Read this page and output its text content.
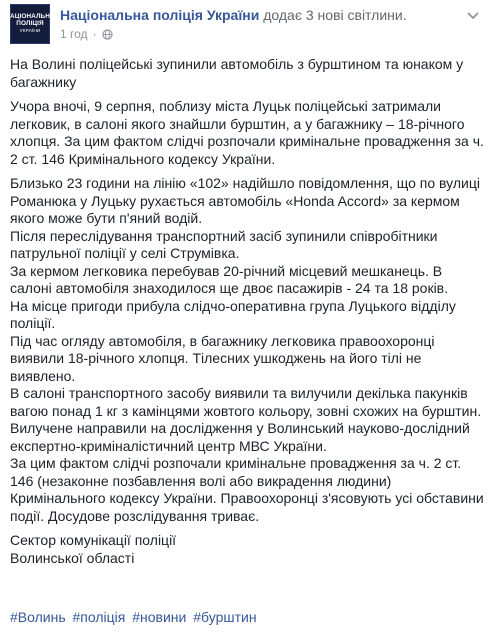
НАЦІОНАЛЬНА
ПОЛІЦІЯ
УКРАЇНИ
Національна поліція України додає 3 нові світлини.
1 год ·

На Волині поліцейські зупинили автомобіль з бурштином та юнаком у багажнику

Учора вночі, 9 серпня, поблизу міста Луцьк поліцейські затримали легковик, в салоні якого знайшли бурштин, а у багажнику – 18-річного хлопця. За цим фактом слідчі розпочали кримінальне провадження за ч. 2 ст. 146 Кримінального кодексу України.

Близько 23 години на лінію «102» надійшло повідомлення, що по вулиці Романюка у Луцьку рухається автомобіль «Honda Accord» за кермом якого може бути п'яний водій.

Після переслідування транспортний засіб зупинили співробітники патрульної поліції у селі Струмівка.

За кермом легковика перебував 20-річний місцевий мешканець. В салоні автомобіля знаходилося ще двоє пасажирів - 24 та 18 років.

На місце пригоди прибула слідчо-оперативна група Луцького відділу поліції.

Під час огляду автомобіля, в багажнику легковика правоохоронці виявили 18-річного хлопця. Тілесних ушкоджень на його тілі не виявлено.

В салоні транспортного засобу виявили та вилучили декілька пакунків вагою понад 1 кг з камінцями жовтого кольору, зовні схожих на бурштин.

Вилучене направили на дослідження у Волинський науково-дослідний експертно-криміналістичний центр МВС України.

За цим фактом слідчі розпочали кримінальне провадження за ч. 2 ст. 146 (незаконне позбавлення волі або викрадення людини) Кримінального кодексу України. Правоохоронці з'ясовують усі обставини події. Досудове розслідування триває.

Сектор комунікації поліції

Волинської області

#Волинь #поліція #новини #бурштин
